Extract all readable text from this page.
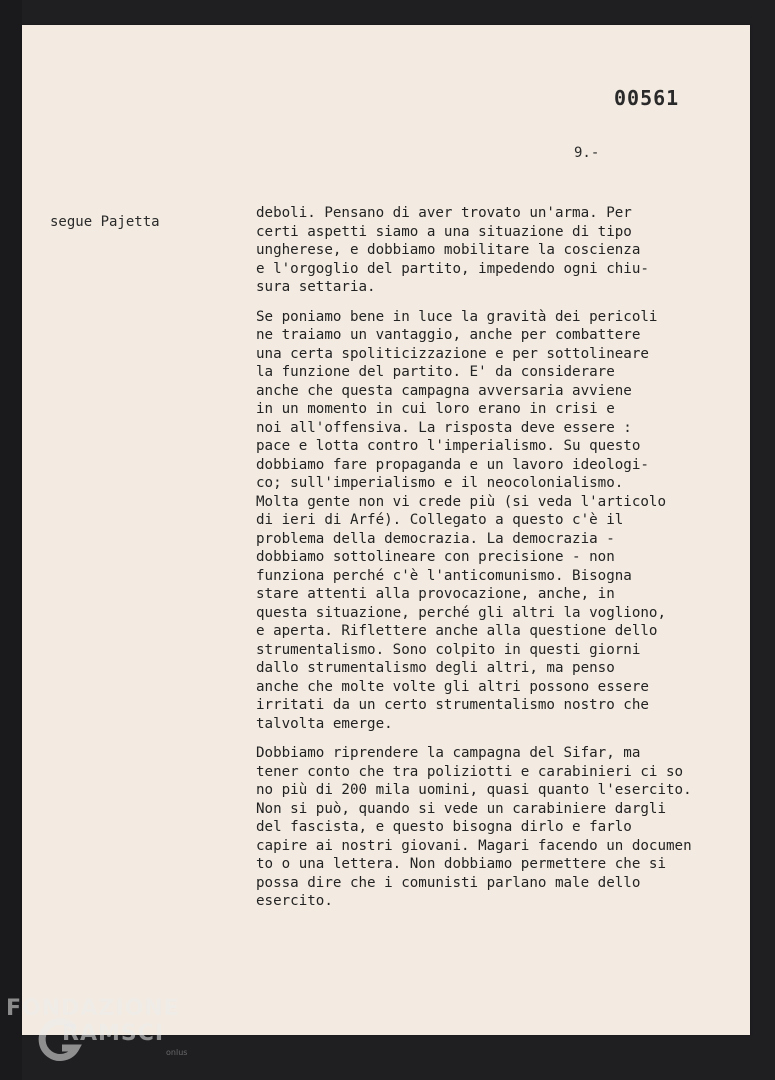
00561
9.-
segue Pajetta
deboli. Pensano di aver trovato un'arma. Per
certi aspetti siamo a una situazione di tipo
ungherese, e dobbiamo mobilitare la coscienza
e l'orgoglio del partito, impedendo ogni chiu-
sura settaria.
Se poniamo bene in luce la gravità dei pericoli
ne traiamo un vantaggio, anche per combattere
una certa spoliticizzazione e per sottolineare
la funzione del partito. E' da considerare
anche che questa campagna avversaria avviene
in un momento in cui loro erano in crisi e
noi all'offensiva. La risposta deve essere :
pace e lotta contro l'imperialismo. Su questo
dobbiamo fare propaganda e un lavoro ideologi-
co; sull'imperialismo e il neocolonialismo.
Molta gente non vi crede più (si veda l'articolo
di ieri di Arfé). Collegato a questo c'è il
problema della democrazia. La democrazia -
dobbiamo sottolineare con precisione - non
funziona perché c'è l'anticomunismo. Bisogna
stare attenti alla provocazione, anche, in
questa situazione, perché gli altri la vogliono,
e aperta. Riflettere anche alla questione dello
strumentalismo. Sono colpito in questi giorni
dallo strumentalismo degli altri, ma penso
anche che molte volte gli altri possono essere
irritati da un certo strumentalismo nostro che
talvolta emerge.
Dobbiamo riprendere la campagna del Sifar, ma
tener conto che tra poliziotti e carabinieri ci so
no più di 200 mila uomini, quasi quanto l'esercito.
Non si può, quando si vede un carabiniere dargli
del fascista, e questo bisogna dirlo e farlo
capire ai nostri giovani. Magari facendo un documen
to o una lettera. Non dobbiamo permettere che si
possa dire che i comunisti parlano male dello
esercito.
FONDAZIONE
RAMSCI
onlus
